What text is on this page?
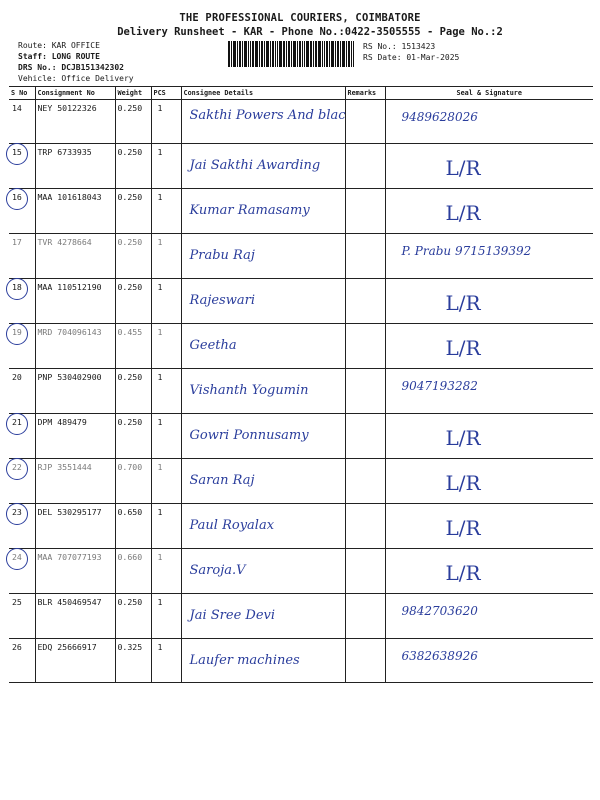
THE PROFESSIONAL COURIERS, COIMBATORE
Delivery Runsheet - KAR - Phone No.:0422-3505555 - Page No.:2
Route: KAR OFFICE
Staff: LONG ROUTE
DRS No.: DCJB151342302
Vehicle: Office Delivery
RS No.: 1513423
RS Date: 01-Mar-2025
S No	Consignment No	Weight	PCS	Consignee Details	Remarks	Seal & Signature
14	NEY 50122326	0.250	1	Sakthi Powers And blac		9489628026

15	TRP 6733935	0.250	1	Jai Sakthi Awarding		L/R

16	MAA 101618043	0.250	1	Kumar Ramasamy		L/R

17	TVR 4278664	0.250	1	Prabu Raj		P. Prabu 9715139392

18	MAA 110512190	0.250	1	Rajeswari		L/R

19	MRD 704096143	0.455	1	Geetha		L/R

20	PNP 530402900	0.250	1	Vishanth Yogumin		9047193282

21	DPM 489479	0.250	1	Gowri Ponnusamy		L/R

22	RJP 3551444	0.700	1	Saran Raj		L/R

23	DEL 530295177	0.650	1	Paul Royalax		L/R

24	MAA 707077193	0.660	1	Saroja.V		L/R

25	BLR 450469547	0.250	1	Jai Sree Devi		9842703620

26	EDQ 25666917	0.325	1	Laufer machines		6382638926
